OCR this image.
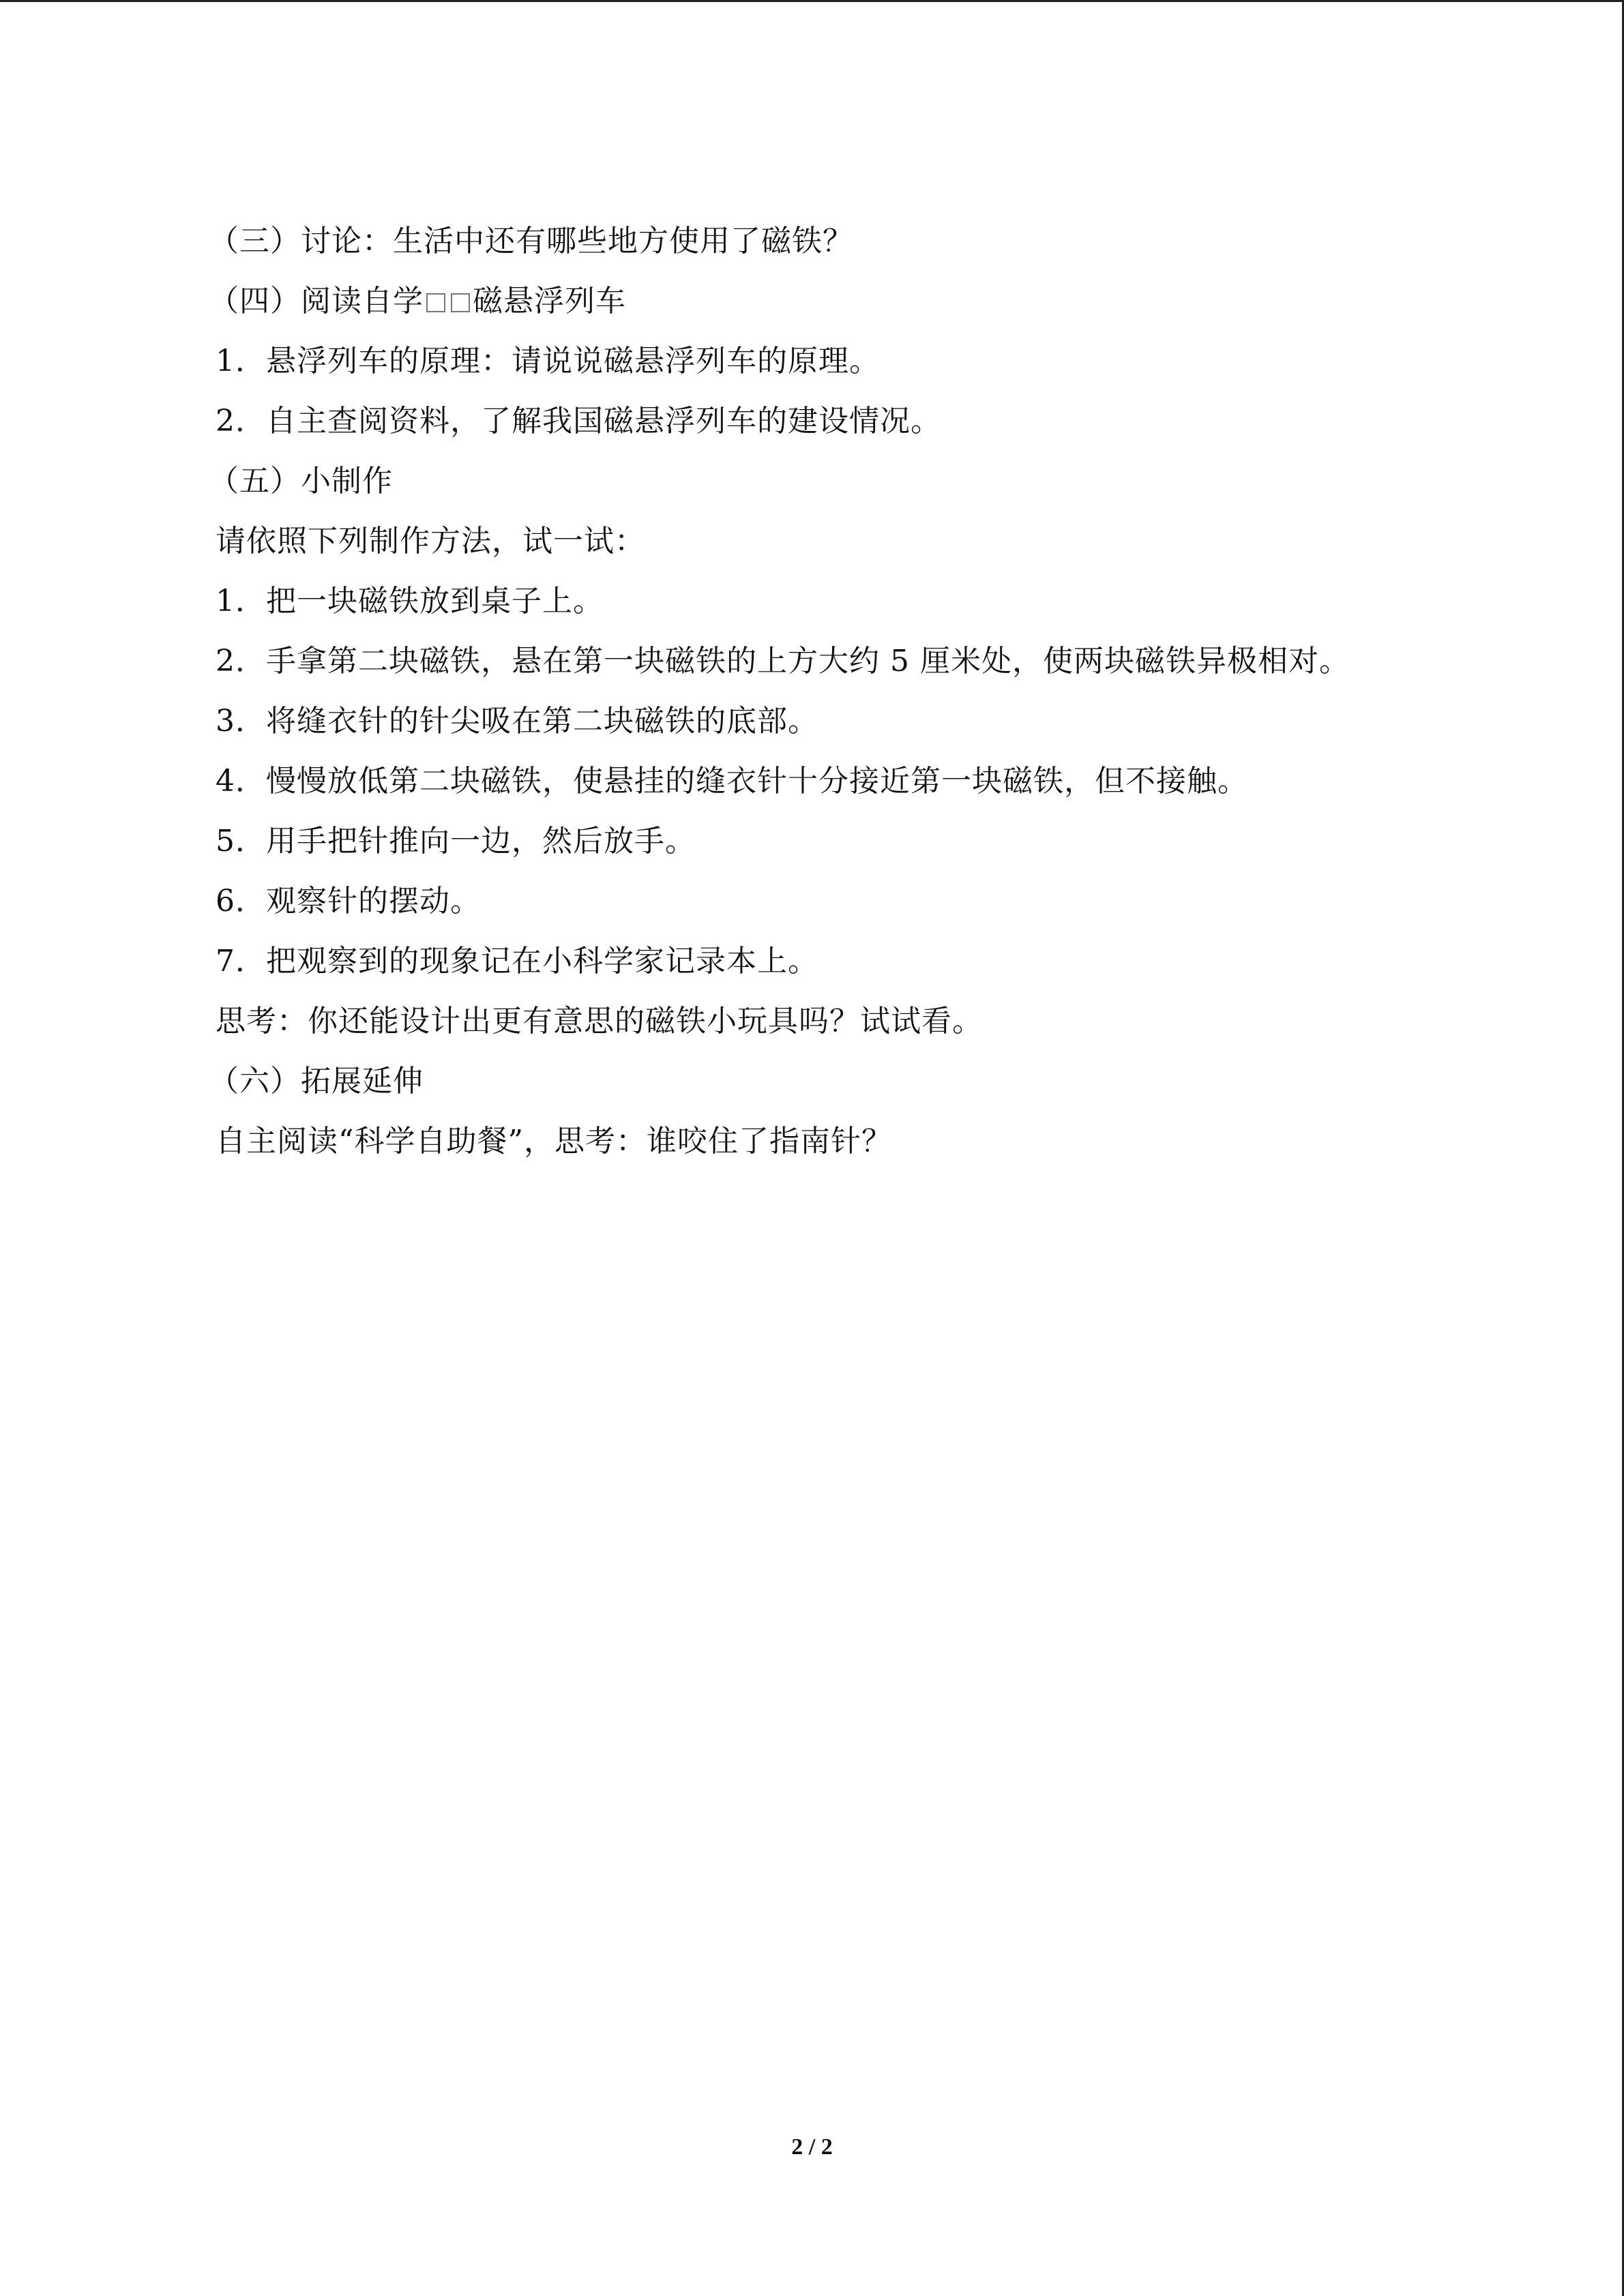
（三）讨论：生活中还有哪些地方使用了磁铁？
（四）阅读自学 磁悬浮列车
1．悬浮列车的原理：请说说磁悬浮列车的原理。
2．自主查阅资料，了解我国磁悬浮列车的建设情况。
（五）小制作
请依照下列制作方法，试一试：
1．把一块磁铁放到桌子上。
2．手拿第二块磁铁，悬在第一块磁铁的上方大约 5 厘米处，使两块磁铁异极相对。
3．将缝衣针的针尖吸在第二块磁铁的底部。
4．慢慢放低第二块磁铁，使悬挂的缝衣针十分接近第一块磁铁，但不接触。
5．用手把针推向一边，然后放手。
6．观察针的摆动。
7．把观察到的现象记在小科学家记录本上。
思考：你还能设计出更有意思的磁铁小玩具吗？试试看。
（六）拓展延伸
自主阅读“科学自助餐”，思考：谁咬住了指南针？
2 / 2
